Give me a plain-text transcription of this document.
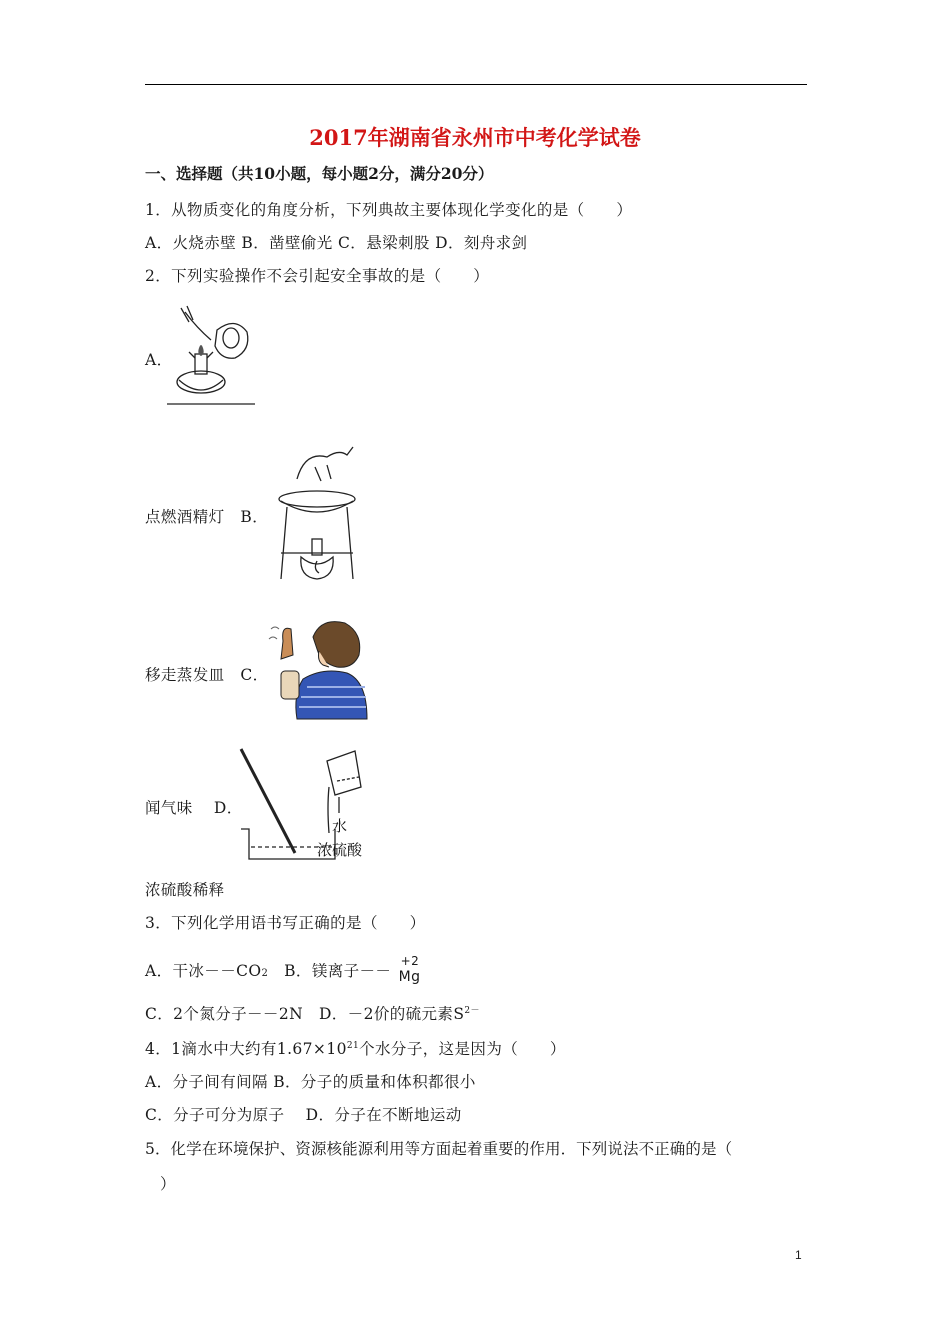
2017年湖南省永州市中考化学试卷
一、选择题（共10小题，每小题2分，满分20分）
1．从物质变化的角度分析，下列典故主要体现化学变化的是（　　）
A．火烧赤壁 B．凿壁偷光 C．悬梁刺股 D．刻舟求剑
2．下列实验操作不会引起安全事故的是（　　）
A．
点燃酒精灯　B．
移走蒸发皿　C．
闻气味　 D．
水
浓硫酸
浓硫酸稀释
3．下列化学用语书写正确的是（　　）
A．干冰－－CO2　B．镁离子－－
+2
Mg
C．2个氮分子－－2N　D．－2价的硫元素$S^{2-}$
4．1滴水中大约有$1.67\times 10^{21}$个水分子，这是因为（　　）
A．分子间有间隔 B．分子的质量和体积都很小
C．分子可分为原子　 D．分子在不断地运动
5．化学在环境保护、资源核能源利用等方面起着重要的作用．下列说法不正确的是（
）
1
